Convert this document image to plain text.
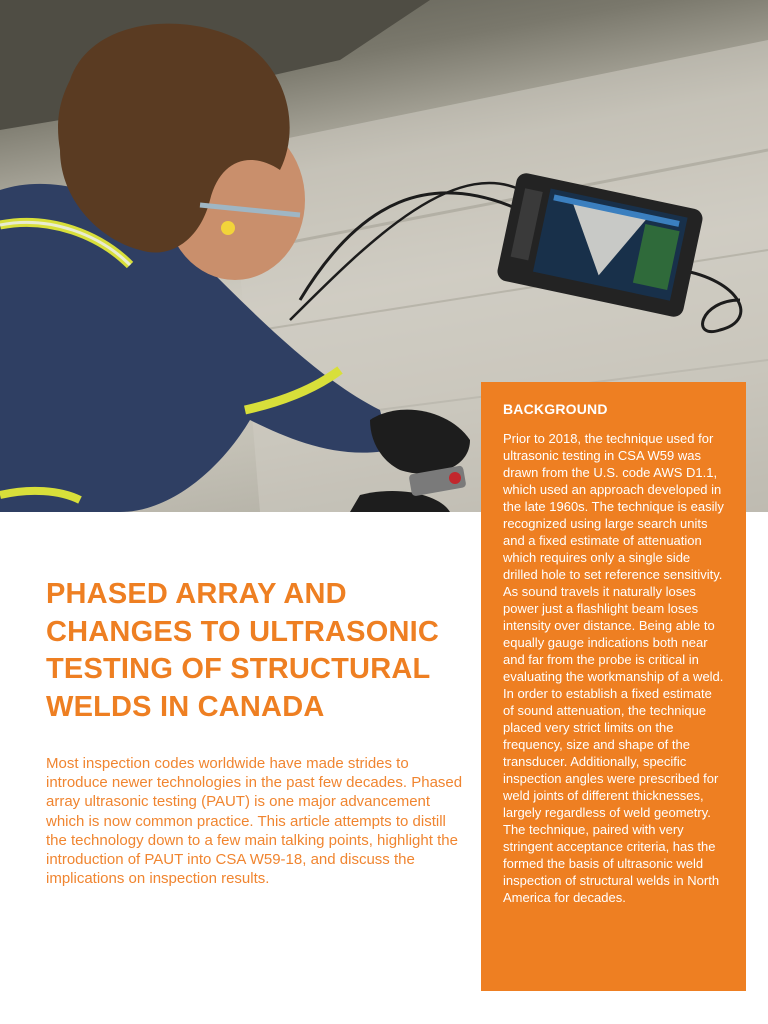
PHASED ARRAY AND CHANGES TO ULTRASONIC TESTING OF STRUCTURAL WELDS IN CANADA

Most inspection codes worldwide have made strides to introduce newer technologies in the past few decades. Phased array ultrasonic testing (PAUT) is one major advancement which is now common practice. This article attempts to distill the technology down to a few main talking points, highlight the introduction of PAUT into CSA W59-18, and discuss the implications on inspection results.

BACKGROUND

Prior to 2018, the technique used for ultrasonic testing in CSA W59 was drawn from the U.S. code AWS D1.1, which used an approach developed in the late 1960s. The technique is easily recognized using large search units and a fixed estimate of attenuation which requires only a single side drilled hole to set reference sensitivity. As sound travels it naturally loses power just a flashlight beam loses intensity over distance. Being able to equally gauge indications both near and far from the probe is critical in evaluating the workmanship of a weld. In order to establish a fixed estimate of sound attenuation, the technique placed very strict limits on the frequency, size and shape of the transducer. Additionally, specific inspection angles were prescribed for weld joints of different thicknesses, largely regardless of weld geometry. The technique, paired with very stringent acceptance criteria, has the formed the basis of ultrasonic weld inspection of structural welds in North America for decades.
